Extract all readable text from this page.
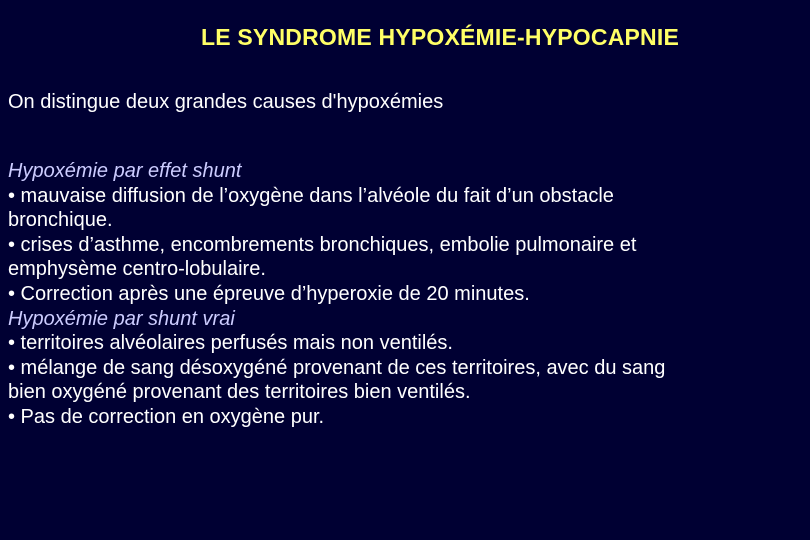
LE SYNDROME HYPOXÉMIE-HYPOCAPNIE
On distingue deux grandes causes d'hypoxémies
Hypoxémie par effet shunt
• mauvaise diffusion de l’oxygène dans l’alvéole du fait d’un obstacle
bronchique.
• crises d’asthme, encombrements bronchiques, embolie pulmonaire et
emphysème centro-lobulaire.
• Correction après une épreuve d’hyperoxie de 20 minutes.
Hypoxémie par shunt vrai
• territoires alvéolaires perfusés mais non ventilés.
• mélange de sang désoxygéné provenant de ces territoires, avec du sang
bien oxygéné provenant des territoires bien ventilés.
• Pas de correction en oxygène pur.
